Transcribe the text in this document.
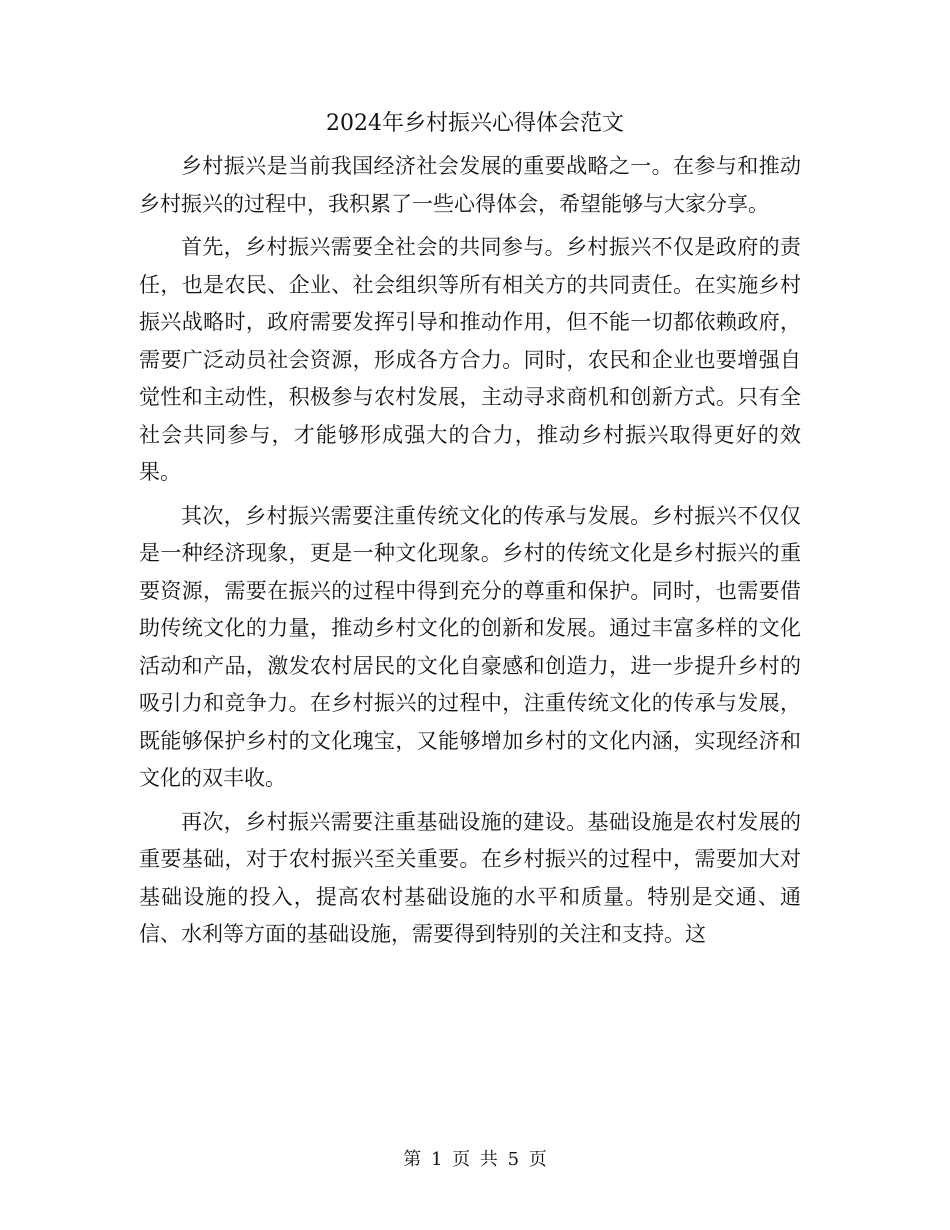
2024年乡村振兴心得体会范文

乡村振兴是当前我国经济社会发展的重要战略之一。在参与和推动乡村振兴的过程中，我积累了一些心得体会，希望能够与大家分享。

首先，乡村振兴需要全社会的共同参与。乡村振兴不仅是政府的责任，也是农民、企业、社会组织等所有相关方的共同责任。在实施乡村振兴战略时，政府需要发挥引导和推动作用，但不能一切都依赖政府，需要广泛动员社会资源，形成各方合力。同时，农民和企业也要增强自觉性和主动性，积极参与农村发展，主动寻求商机和创新方式。只有全社会共同参与，才能够形成强大的合力，推动乡村振兴取得更好的效果。

其次，乡村振兴需要注重传统文化的传承与发展。乡村振兴不仅仅是一种经济现象，更是一种文化现象。乡村的传统文化是乡村振兴的重要资源，需要在振兴的过程中得到充分的尊重和保护。同时，也需要借助传统文化的力量，推动乡村文化的创新和发展。通过丰富多样的文化活动和产品，激发农村居民的文化自豪感和创造力，进一步提升乡村的吸引力和竞争力。在乡村振兴的过程中，注重传统文化的传承与发展，既能够保护乡村的文化瑰宝，又能够增加乡村的文化内涵，实现经济和文化的双丰收。

再次，乡村振兴需要注重基础设施的建设。基础设施是农村发展的重要基础，对于农村振兴至关重要。在乡村振兴的过程中，需要加大对基础设施的投入，提高农村基础设施的水平和质量。特别是交通、通信、水利等方面的基础设施，需要得到特别的关注和支持。这

第 1 页 共 5 页
